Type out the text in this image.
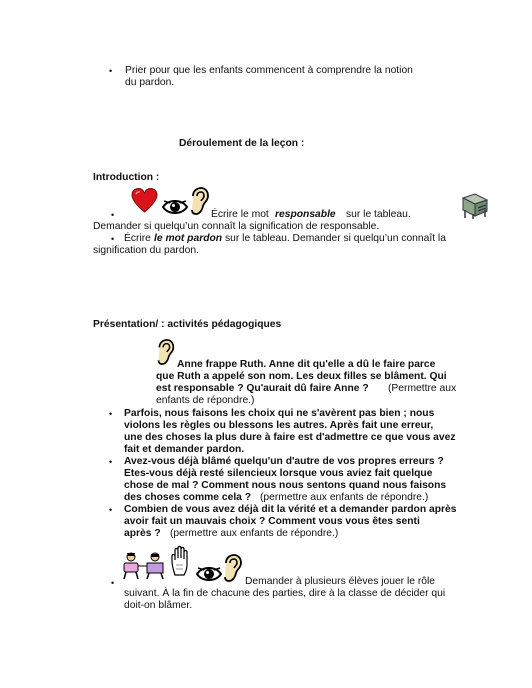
• Prier pour que les enfants commencent à comprendre la notion
du pardon.
Déroulement de la leçon :
Introduction :
•	Écrire le mot responsable sur le tableau.
Demander si quelqu’un connaît la signification de responsable.
• Écrire le mot pardon sur le tableau. Demander si quelqu’un connaît la
signification du pardon.
Présentation/ : activités pédagogiques
Anne frappe Ruth. Anne dit qu'elle a dû le faire parce
que Ruth a appelé son nom. Les deux filles se blâment. Qui
est responsable ? Qu'aurait dû faire Anne ? (Permettre aux
enfants de répondre.)
• Parfois, nous faisons les choix qui ne s'avèrent pas bien ; nous
violons les règles ou blessons les autres. Après fait une erreur,
une des choses la plus dure à faire est d'admettre ce que vous avez
fait et demander pardon.
• Avez-vous déjà blâmé quelqu'un d'autre de vos propres erreurs ?
Etes-vous déjà resté silencieux lorsque vous aviez fait quelque
chose de mal ? Comment nous nous sentons quand nous faisons
des choses comme cela ? (permettre aux enfants de répondre.)
• Combien de vous avez déjà dit la vérité et a demander pardon après
avoir fait un mauvais choix ? Comment vous vous êtes senti
après ? (permettre aux enfants de répondre.)
•	Demander à plusieurs élèves jouer le rôle
suivant. À la fin de chacune des parties, dire à la classe de décider qui
doit-on blâmer.
